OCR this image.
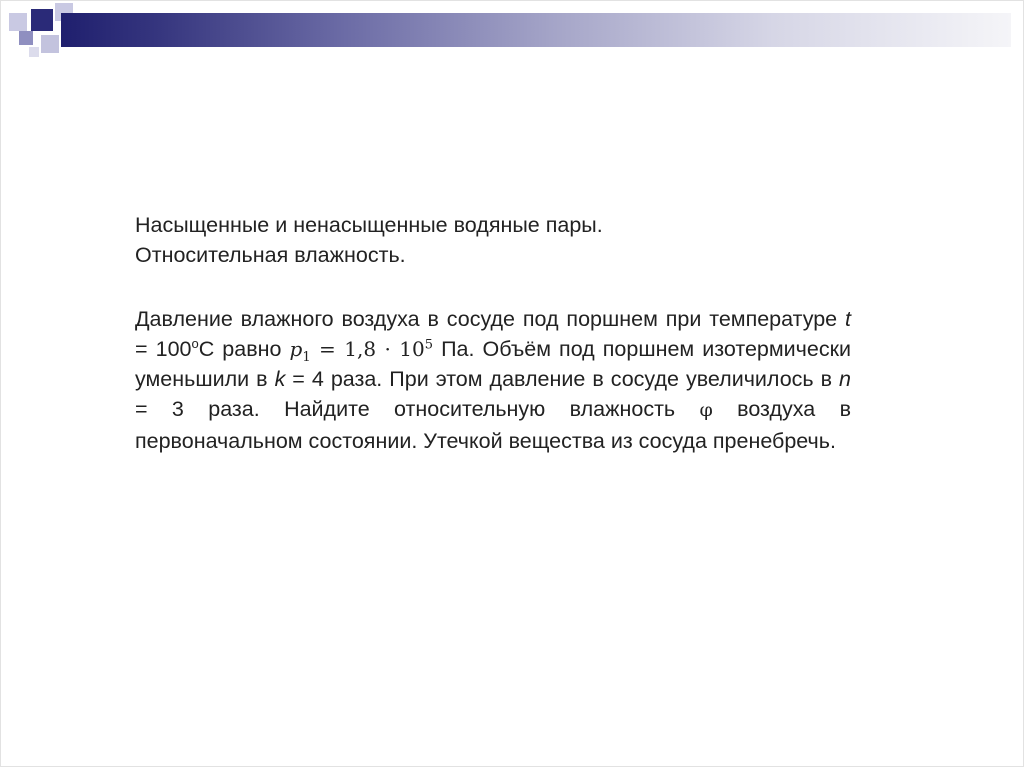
Насыщенные и ненасыщенные водяные пары.
Относительная влажность.
Давление влажного воздуха в сосуде под поршнем при температуре $t = 100^оС$ равно $p_1 = 1,8 \cdot 10^5$ Па. Объём под поршнем изотермически уменьшили в k = 4 раза. При этом давление в сосуде увеличилось в n = 3 раза. Найдите относительную влажность φ воздуха в первоначальном состоянии. Утечкой вещества из сосуда пренебречь.
